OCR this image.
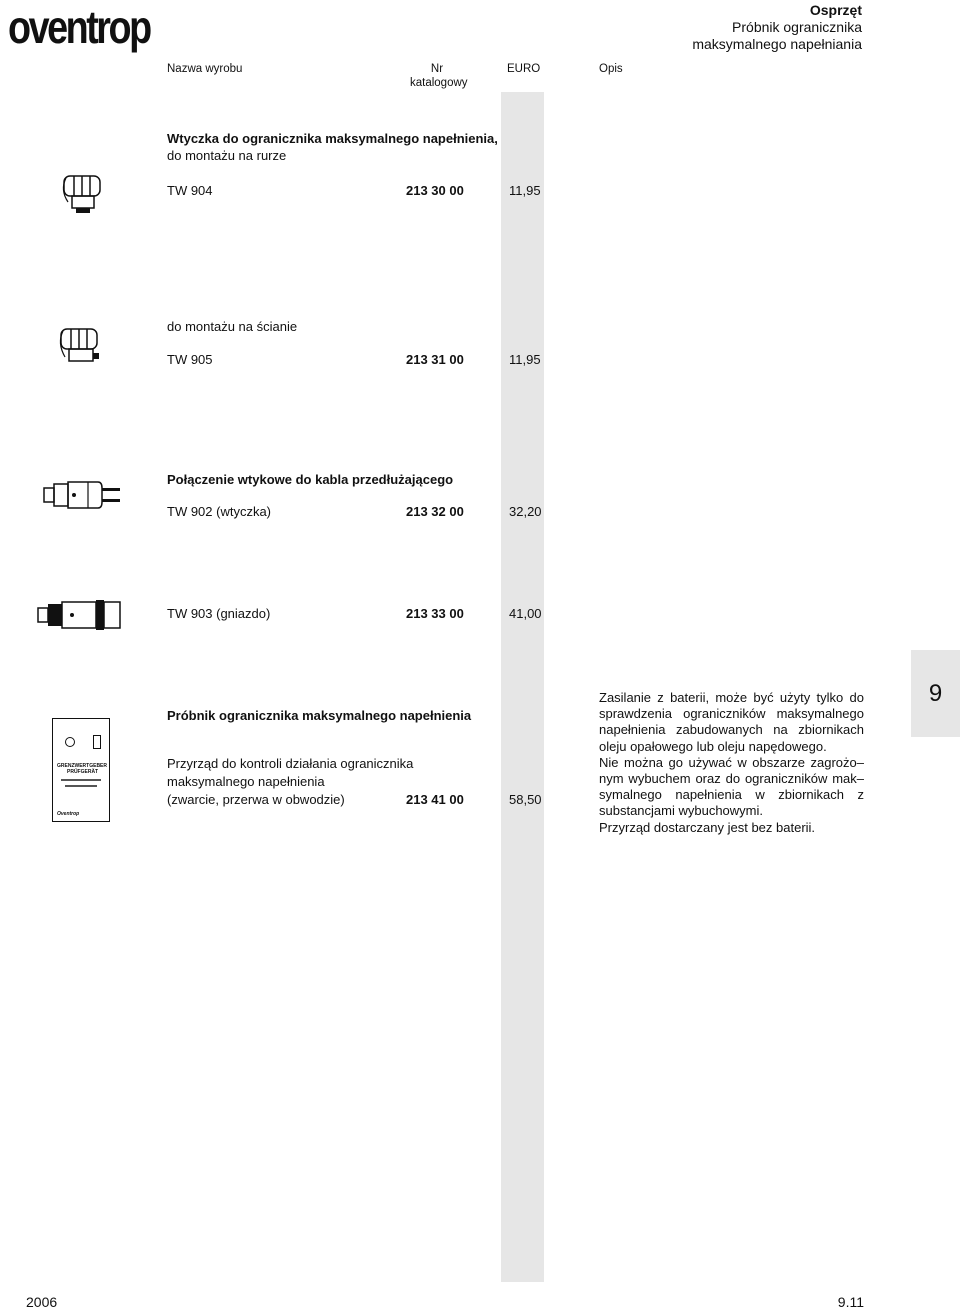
oventrop	Osprzęt
Próbnik ogranicznika
maksymalnego napełniania
Nazwa wyrobu	Nr
katalogowy
EURO	Opis
9
Wtyczka do ogranicznika maksymalnego napełnienia,
do montażu na rurze
TW 904	213 30 00	11,95
do montażu na ścianie
TW 905	213 31 00	11,95
Połączenie wtykowe do kabla przedłużającego
TW 902 (wtyczka)	213 32 00	32,20
TW 903 (gniazdo)	213 33 00	41,00
GRENZWERTGEBER
PRÜFGERÄT
Oventrop
Próbnik ogranicznika maksymalnego napełnienia
Przyrząd do kontroli działania ogranicznika
maksymalnego napełnienia
(zwarcie, przerwa w obwodzie)	213 41 00	58,50

Zasilanie z baterii, może być użyty tylko do sprawdzenia ograniczników maksymalnego napełnienia zabudowanych na zbiornikach oleju opałowego lub oleju napędowego.

Nie można go używać w obszarze zagrożo– nym wybuchem oraz do ograniczników mak– symalnego napełnienia w zbiornikach z substancjami wybuchowymi.

Przyrząd dostarczany jest bez baterii.

2006	9.11
